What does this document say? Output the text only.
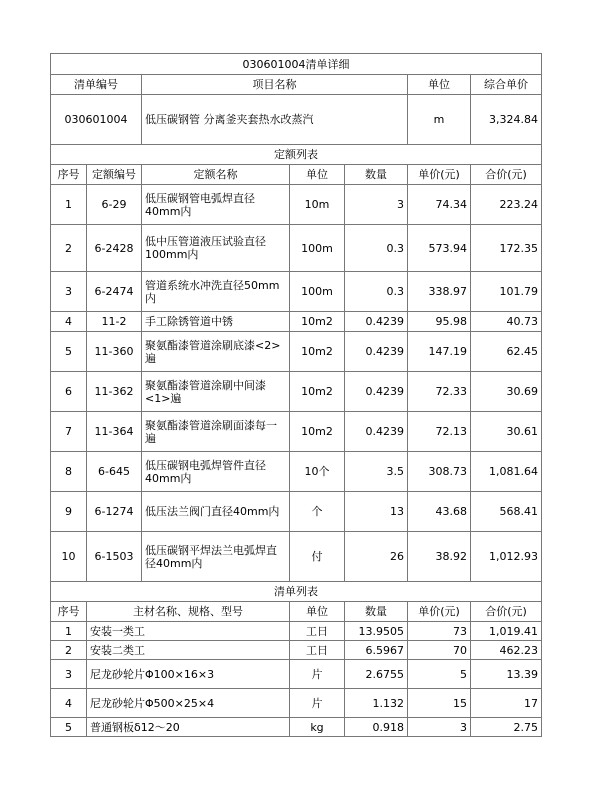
030601004清单详细						
清单编号		项目名称			单位	综合单价
030601004		低压碳钢管 分离釜夹套热水改蒸汽			m	3,324.84
定额列表						
序号	定额编号	定额名称	单位	数量	单价(元)	合价(元)
1	6-29	低压碳钢管电弧焊直径40mm内	10m	3	74.34	223.24
2	6-2428	低中压管道液压试验直径100mm内	100m	0.3	573.94	172.35
3	6-2474	管道系统水冲洗直径50mm内	100m	0.3	338.97	101.79
4	11-2	手工除锈管道中锈	10m2	0.4239	95.98	40.73
5	11-360	聚氨酯漆管道涂刷底漆<2>遍	10m2	0.4239	147.19	62.45
6	11-362	聚氨酯漆管道涂刷中间漆<1>遍	10m2	0.4239	72.33	30.69
7	11-364	聚氨酯漆管道涂刷面漆每一遍	10m2	0.4239	72.13	30.61
8	6-645	低压碳钢电弧焊管件直径40mm内	10个	3.5	308.73	1,081.64
9	6-1274	低压法兰阀门直径40mm内	个	13	43.68	568.41
10	6-1503	低压碳钢平焊法兰电弧焊直径40mm内	付	26	38.92	1,012.93
清单列表						
序号	主材名称、规格、型号		单位	数量	单价(元)	合价(元)
1	安装一类工		工日	13.9505	73	1,019.41
2	安装二类工		工日	6.5967	70	462.23
3	尼龙砂轮片Φ100×16×3		片	2.6755	5	13.39
4	尼龙砂轮片Φ500×25×4		片	1.132	15	17
5	普通钢板δ12～20		kg	0.918	3	2.75
